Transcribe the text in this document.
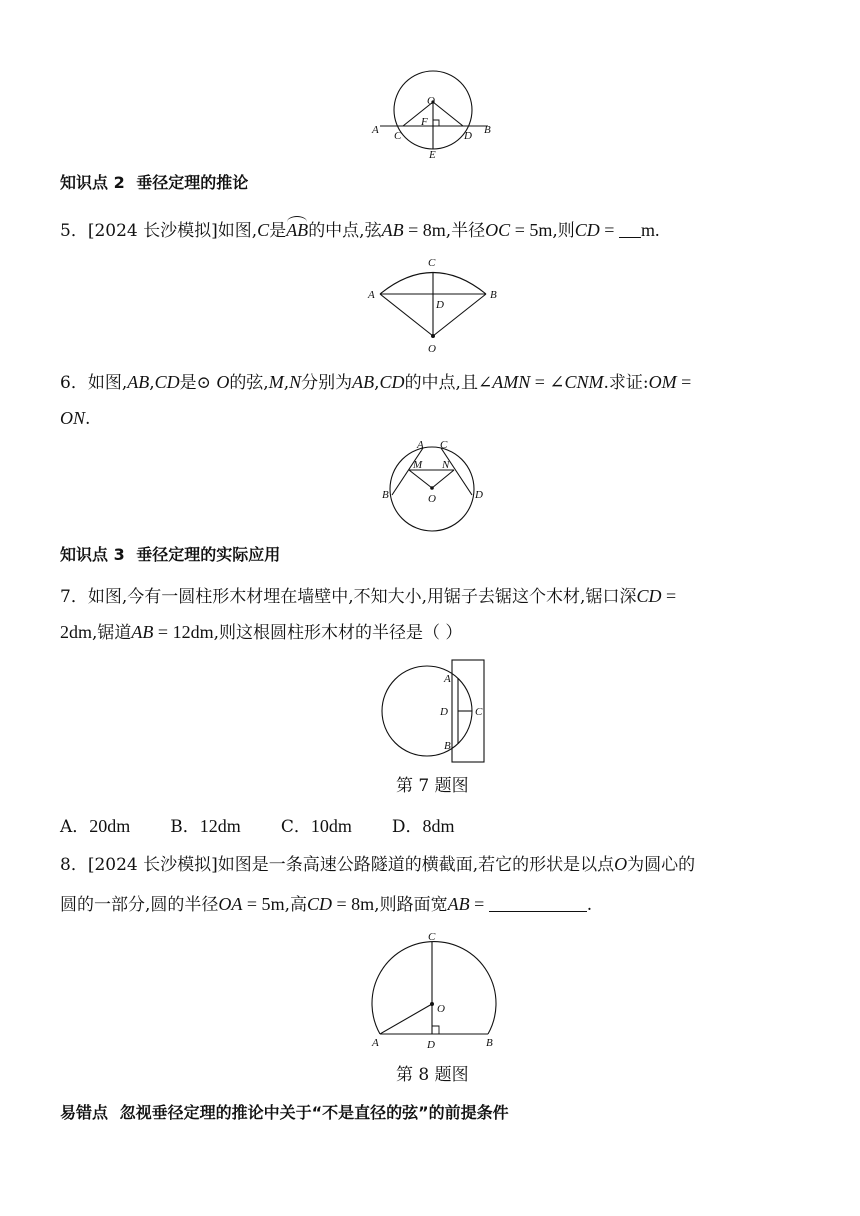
O
A C
F
D B
E
知识点 2 垂径定理的推论
5．[2024 长沙模拟]如图,C是AB的中点,弦AB = 8m,半径OC = 5m,则CD = m.
C
A	B
D
O
6．如图,AB,CD是⊙ O的弦,M,N分别为AB,CD的中点,且∠AMN = ∠CNM.求证:OM =
ON.
A C
M N
B	D
O
知识点 3 垂径定理的实际应用
7．如图,今有一圆柱形木材埋在墙壁中,不知大小,用锯子去锯这个木材,锯口深CD =
2dm,锯道AB = 12dm,则这根圆柱形木材的半径是（ ）
A
D C
B
第 7 题图
A．20dm B．12dm C．10dm D．8dm
8．[2024 长沙模拟]如图是一条高速公路隧道的横截面,若它的形状是以点O为圆心的
圆的一部分,圆的半径OA = 5m,高CD = 8m,则路面宽AB =	.
C
O
A	D	B
第 8 题图
易错点 忽视垂径定理的推论中关于“不是直径的弦”的前提条件
